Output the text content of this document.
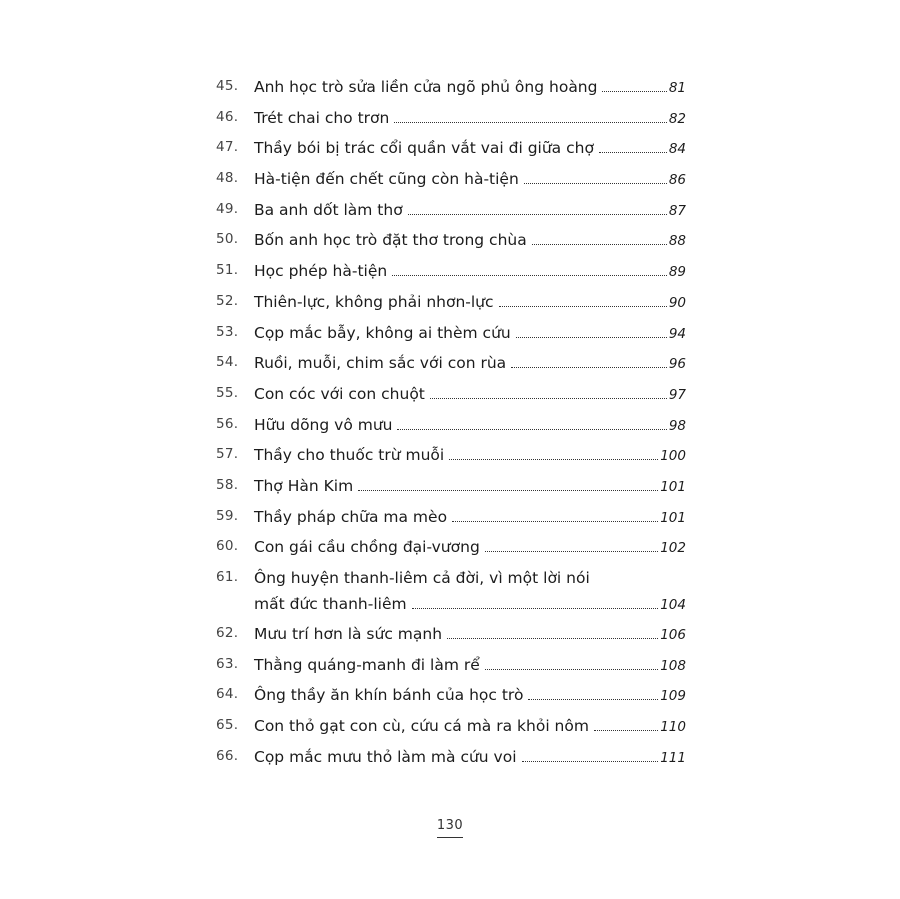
45.	Anh học trò sửa liền cửa ngõ phủ ông hoàng	81
46.	Trét chai cho trơn	82
47.	Thầy bói bị trác cổi quần vắt vai đi giữa chợ	84
48.	Hà-tiện đến chết cũng còn hà-tiện	86
49.	Ba anh dốt làm thơ	87
50.	Bốn anh học trò đặt thơ trong chùa	88
51.	Học phép hà-tiện	89
52.	Thiên-lực, không phải nhơn-lực	90
53.	Cọp mắc bẫy, không ai thèm cứu	94
54.	Ruồi, muỗi, chim sắc với con rùa	96
55.	Con cóc với con chuột	97
56.	Hữu dõng vô mưu	98
57.	Thầy cho thuốc trừ muỗi	100
58.	Thợ Hàn Kim	101
59.	Thầy pháp chữa ma mèo	101
60.	Con gái cầu chồng đại-vương	102
61.	Ông huyện thanh-liêm cả đời, vì một lời nói
mất đức thanh-liêm	104
62.	Mưu trí hơn là sức mạnh	106
63.	Thằng quáng-manh đi làm rể	108
64.	Ông thầy ăn khín bánh của học trò	109
65.	Con thỏ gạt con cù, cứu cá mà ra khỏi nôm	110
66.	Cọp mắc mưu thỏ làm mà cứu voi	111
130
